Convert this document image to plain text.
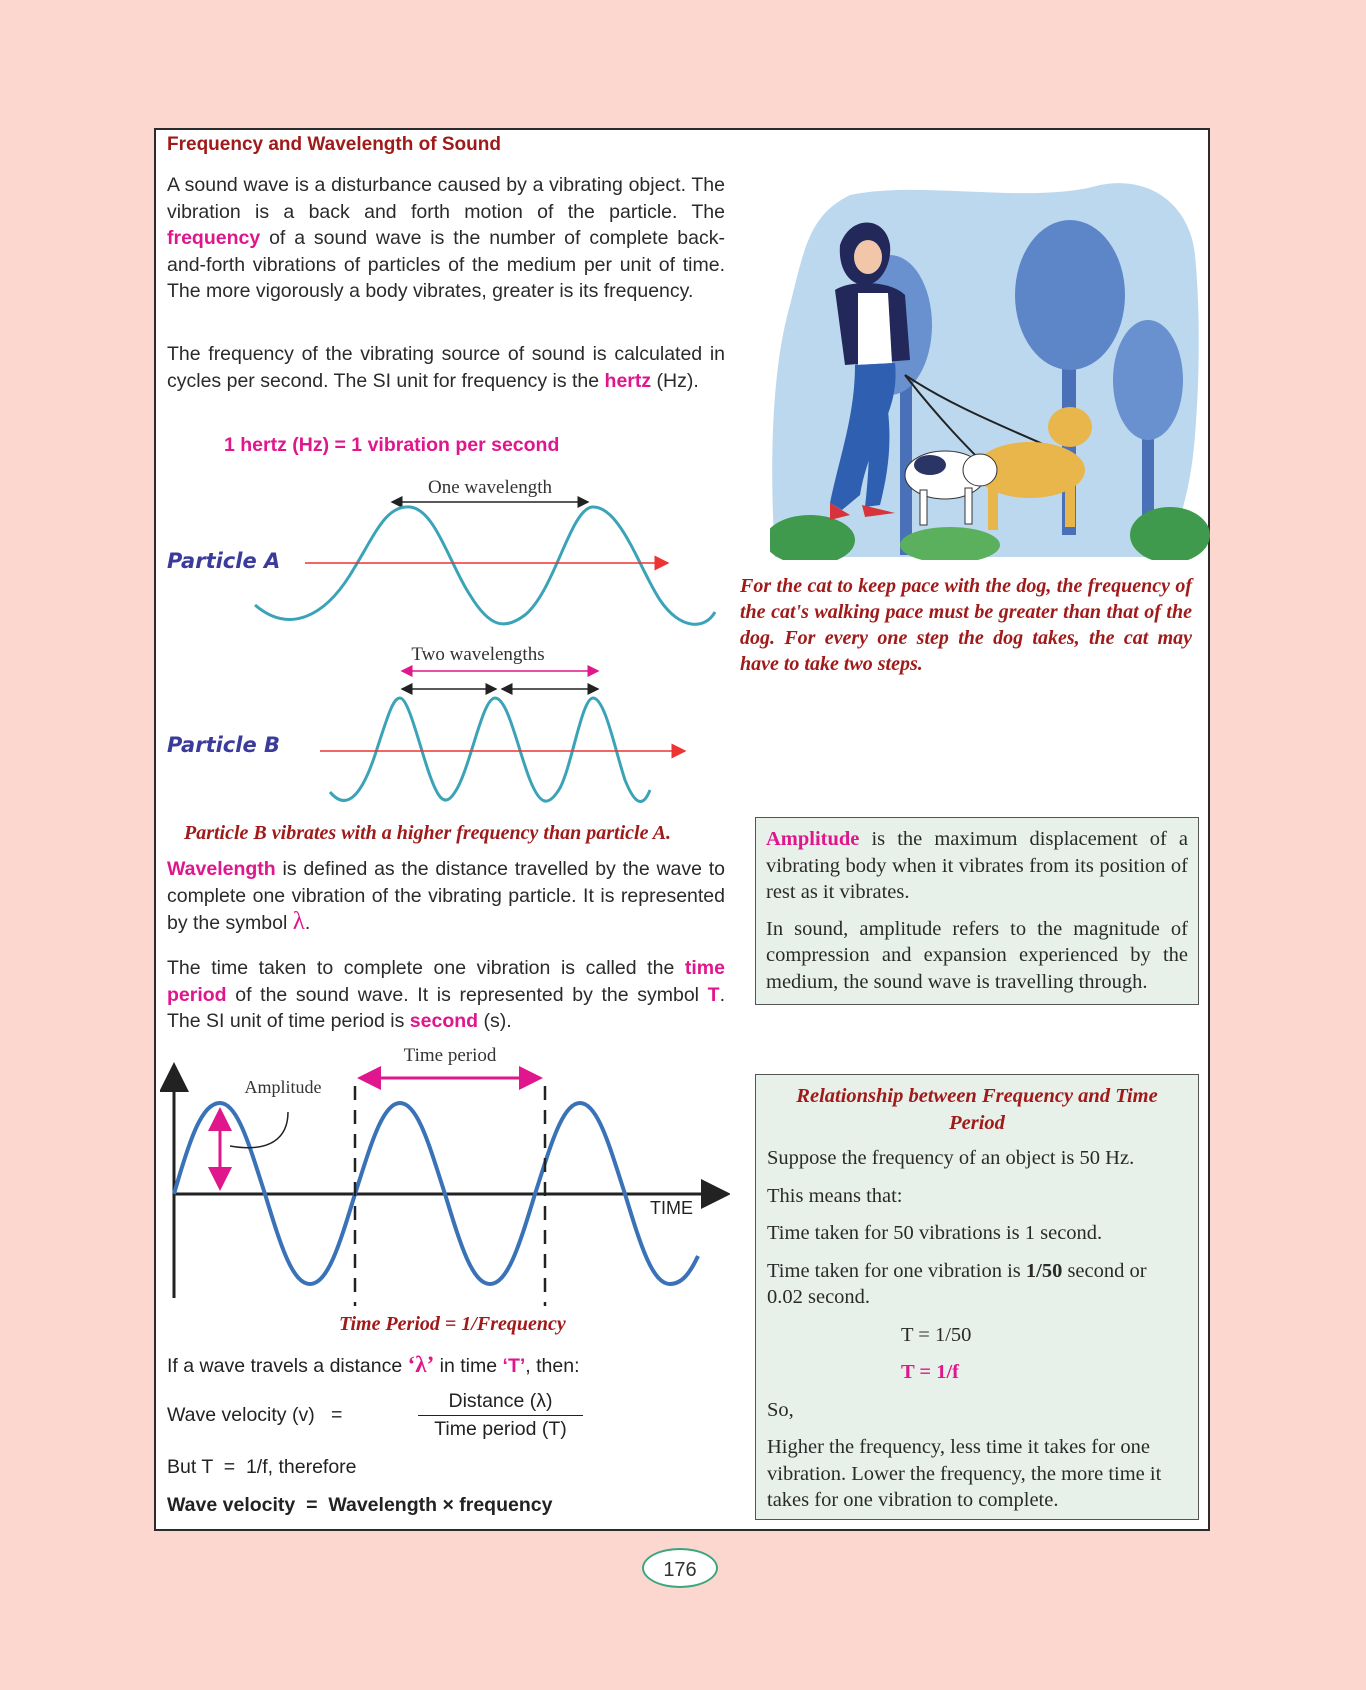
Frequency and Wavelength of Sound
A sound wave is a disturbance caused by a vibrating object. The vibration is a back and forth motion of the particle. The frequency of a sound wave is the number of complete back-and-forth vibrations of particles of the medium per unit of time. The more vigorously a body vibrates, greater is its frequency.
The frequency of the vibrating source of sound is calculated in cycles per second. The SI unit for frequency is the hertz (Hz).
1 hertz (Hz) = 1 vibration per second
One wavelength
Two wavelengths
Particle A
Particle B
Particle B vibrates with a higher frequency than particle A.
For the cat to keep pace with the dog, the frequency of the cat's walking pace must be greater than that of the dog. For every one step the dog takes, the cat may have to take two steps.
Wavelength is defined as the distance travelled by the wave to complete one vibration of the vibrating particle. It is represented by the symbol λ.
The time taken to complete one vibration is called the time period of the sound wave. It is represented by the symbol T. The SI unit of time period is second (s).

Amplitude is the maximum displacement of a vibrating body when it vibrates from its position of rest as it vibrates.

In sound, amplitude refers to the magnitude of compression and expansion experienced by the medium, the sound wave is travelling through.

TIME
Time period
Amplitude
Time Period = 1/Frequency
If a wave travels a distance ‘λ’ in time ‘T’, then:
Wave velocity (v)   =
Distance (λ)
Time period (T)
But T  =  1/f, therefore
Wave velocity  =  Wavelength × frequency

Relationship between Frequency and Time Period

Suppose the frequency of an object is 50 Hz.

This means that:

Time taken for 50 vibrations is 1 second.

Time taken for one vibration is 1/50 second or 0.02 second.

T = 1/50

T = 1/f

So,

Higher the frequency, less time it takes for one vibration. Lower the frequency, the more time it takes for one vibration to complete.

176
